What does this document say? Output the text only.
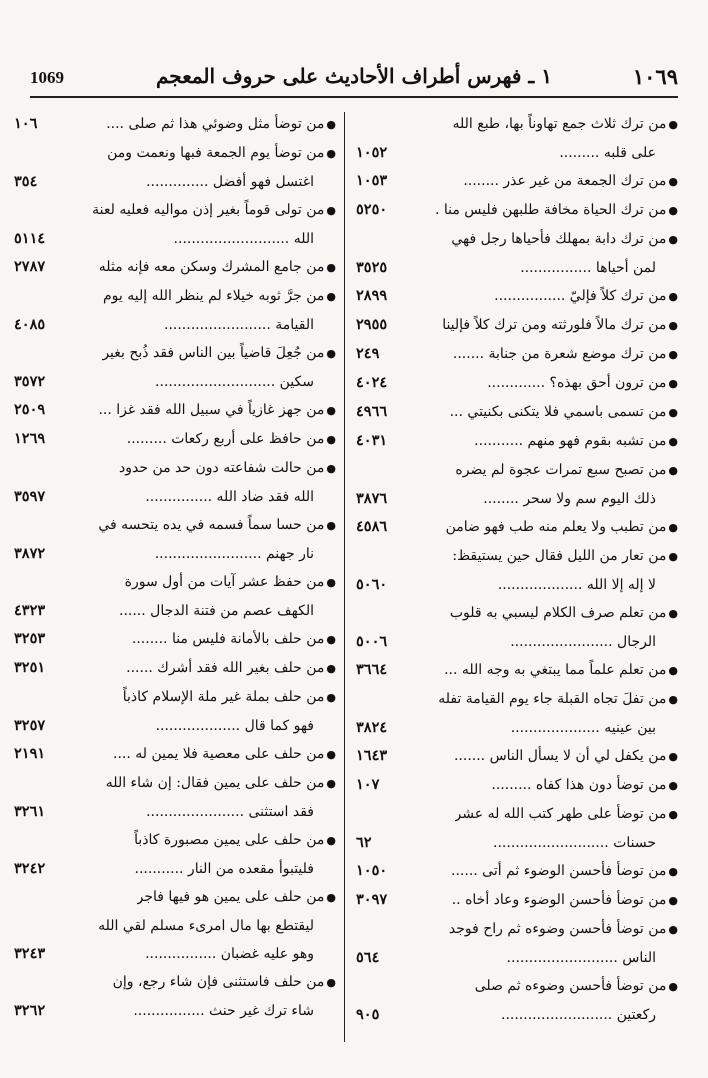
١٠٦٩
١ ـ فهرس أطراف الأحاديث على حروف المعجم
1069
●من ترك ثلاث جمع تهاوناً بها، طبع الله
على قلبه .........
١٠٥٢
●من ترك الجمعة من غير عذر ........
١٠٥٣
●من ترك الحياة مخافة طلبهن فليس منا .
٥٢٥٠
●من ترك دابة بمهلك فأحياها رجل فهي
لمن أحياها ................
٣٥٢٥
●من ترك كلاً فإليّ ................
٢٨٩٩
●من ترك مالاً فلورثته ومن ترك كلاً فإلينا
٢٩٥٥
●من ترك موضع شعرة من جنابة .......
٢٤٩
●من ترون أحق بهذه؟ .............
٤٠٢٤
●من تسمى باسمي فلا يتكنى بكنيتي ...
٤٩٦٦
●من تشبه بقوم فهو منهم ...........
٤٠٣١
●من تصبح سبع تمرات عجوة لم يضره
ذلك اليوم سم ولا سحر ........
٣٨٧٦
●من تطبب ولا يعلم منه طب فهو ضامن
٤٥٨٦
●من تعار من الليل فقال حين يستيقظ:
لا إله إلا الله ...................
٥٠٦٠
●من تعلم صرف الكلام ليسبي به قلوب
الرجال .......................
٥٠٠٦
●من تعلم علماً مما يبتغي به وجه الله ...
٣٦٦٤
●من تفلَ تجاه القبلة جاء يوم القيامة تفله
بين عينيه ....................
٣٨٢٤
●من يكفل لي أن لا يسأل الناس .......
١٦٤٣
●من توضأ دون هذا كفاه .........
١٠٧
●من توضأ على طهر كتب الله له عشر
حسنات ..........................
٦٢
●من توضأ فأحسن الوضوء ثم أتى ......
١٠٥٠
●من توضأ فأحسن الوضوء وعاد أخاه ..
٣٠٩٧
●من توضأ فأحسن وضوءه ثم راح فوجد
الناس .........................
٥٦٤
●من توضأ فأحسن وضوءه ثم صلى
ركعتين .........................
٩٠٥
●من توضأ مثل وضوئي هذا ثم صلى ....
١٠٦
●من توضأ يوم الجمعة فبها ونعمت ومن
اغتسل فهو أفضل ..............
٣٥٤
●من تولى قوماً بغير إذن مواليه فعليه لعنة
الله ..........................
٥١١٤
●من جامع المشرك وسكن معه فإنه مثله
٢٧٨٧
●من جرَّ ثوبه خيلاء لم ينظر الله إليه يوم
القيامة ........................
٤٠٨٥
●من جُعِلَ قاضياً بين الناس فقد ذُبح بغير
سكين ...........................
٣٥٧٢
●من جهز غازياً في سبيل الله فقد غزا ...
٢٥٠٩
●من حافظ على أربع ركعات .........
١٢٦٩
●من حالت شفاعته دون حد من حدود
الله فقد ضاد الله ...............
٣٥٩٧
●من حسا سماً فسمه في يده يتحسه في
نار جهنم ........................
٣٨٧٢
●من حفظ عشر آيات من أول سورة
الكهف عصم من فتنة الدجال ......
٤٣٢٣
●من حلف بالأمانة فليس منا ........
٣٢٥٣
●من حلف بغير الله فقد أشرك ......
٣٢٥١
●من حلف بملة غير ملة الإسلام كاذباً
فهو كما قال ...................
٣٢٥٧
●من حلف على معصية فلا يمين له ....
٢١٩١
●من حلف على يمين فقال: إن شاء الله
فقد استثنى ......................
٣٢٦١
●من حلف على يمين مصبورة كاذباً
فليتبوأ مقعده من النار ...........
٣٢٤٢
●من حلف على يمين هو فيها فاجر
ليقتطع بها مال امرىء مسلم لقي الله
وهو عليه غضبان ................
٣٢٤٣
●من حلف فاستثنى فإن شاء رجع، وإن
شاء ترك غير حنث ................
٣٢٦٢
